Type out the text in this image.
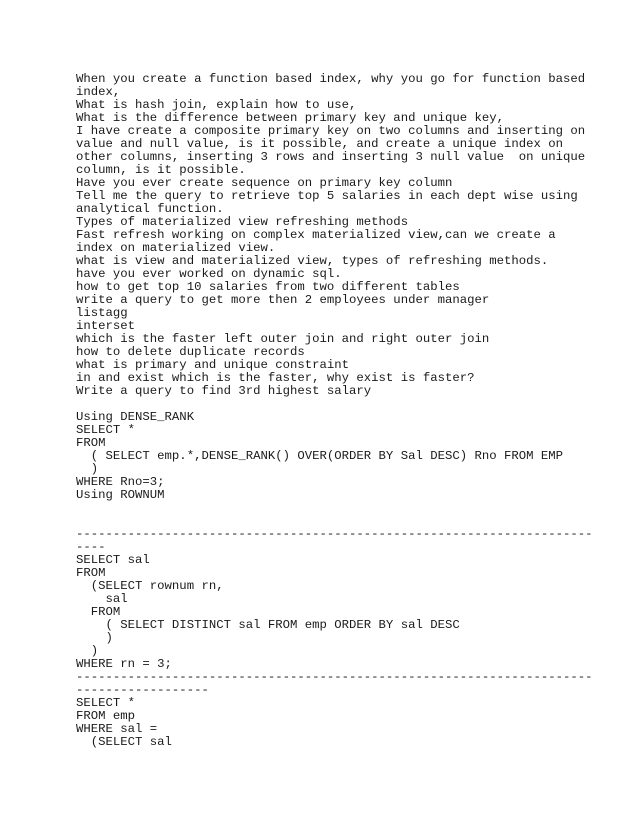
When you create a function based index, why you go for function based
index,
What is hash join, explain how to use,
What is the difference between primary key and unique key,
I have create a composite primary key on two columns and inserting on
value and null value, is it possible, and create a unique index on
other columns, inserting 3 rows and inserting 3 null value  on unique
column, is it possible.
Have you ever create sequence on primary key column
Tell me the query to retrieve top 5 salaries in each dept wise using
analytical function.
Types of materialized view refreshing methods
Fast refresh working on complex materialized view,can we create a
index on materialized view.
what is view and materialized view, types of refreshing methods.
have you ever worked on dynamic sql.
how to get top 10 salaries from two different tables
write a query to get more then 2 employees under manager
listagg
interset
which is the faster left outer join and right outer join
how to delete duplicate records
what is primary and unique constraint
in and exist which is the faster, why exist is faster?
Write a query to find 3rd highest salary
Using DENSE_RANK
SELECT *
FROM
( SELECT emp.*,DENSE_RANK() OVER(ORDER BY Sal DESC) Rno FROM EMP
)
WHERE Rno=3;
Using ROWNUM
----------------------------------------------------------------------
----
SELECT sal
FROM
(SELECT rownum rn,
sal
FROM
( SELECT DISTINCT sal FROM emp ORDER BY sal DESC
)
)
WHERE rn = 3;
----------------------------------------------------------------------
------------------
SELECT *
FROM emp
WHERE sal =
(SELECT sal
